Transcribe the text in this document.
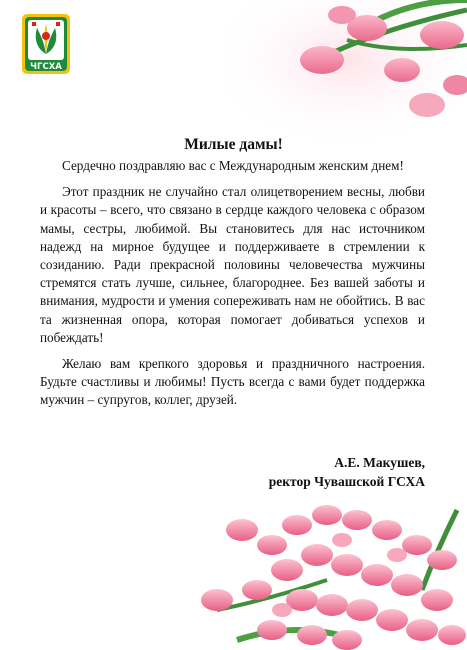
ЧГСХА
Милые дамы!

Сердечно поздравляю вас с Международным женским днем!

Этот праздник не случайно стал олицетворением весны, любви и красоты – всего, что связано в сердце каждого человека с образом мамы, сестры, любимой. Вы становитесь для нас источником надежд на мирное будущее и поддерживаете в стремлении к созиданию. Ради прекрасной половины человечества мужчины стремятся стать лучше, сильнее, благороднее. Без вашей заботы и внимания, мудрости и умения сопереживать нам не обойтись. В вас та жизненная опора, которая помогает добиваться успехов и побеждать!

Желаю вам крепкого здоровья и праздничного настроения. Будьте счастливы и любимы! Пусть всегда с вами будет поддержка мужчин – супругов, коллег, друзей.

А.Е. Макушев,
ректор Чувашской ГСХА
